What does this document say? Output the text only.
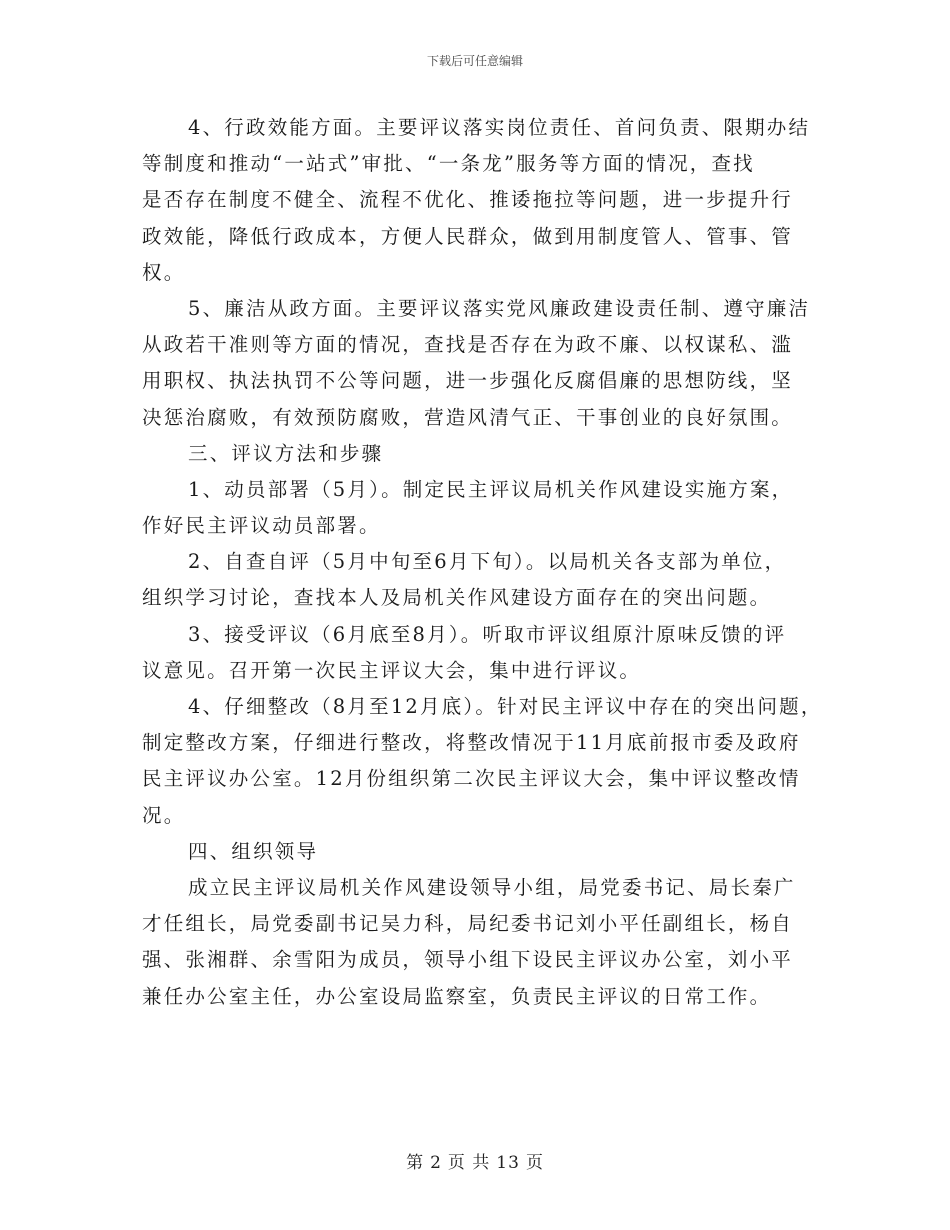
下载后可任意编辑
4、行政效能方面。主要评议落实岗位责任、首问负责、限期办结
等制度和推动“一站式”审批、“一条龙”服务等方面的情况，查找
是否存在制度不健全、流程不优化、推诿拖拉等问题，进一步提升行
政效能，降低行政成本，方便人民群众，做到用制度管人、管事、管
权。
5、廉洁从政方面。主要评议落实党风廉政建设责任制、遵守廉洁
从政若干准则等方面的情况，查找是否存在为政不廉、以权谋私、滥
用职权、执法执罚不公等问题，进一步强化反腐倡廉的思想防线，坚
决惩治腐败，有效预防腐败，营造风清气正、干事创业的良好氛围。
三、评议方法和步骤
1、动员部署（5月）。制定民主评议局机关作风建设实施方案，
作好民主评议动员部署。
2、自查自评（5月中旬至6月下旬）。以局机关各支部为单位，
组织学习讨论，查找本人及局机关作风建设方面存在的突出问题。
3、接受评议（6月底至8月）。听取市评议组原汁原味反馈的评
议意见。召开第一次民主评议大会，集中进行评议。
4、仔细整改（8月至12月底）。针对民主评议中存在的突出问题，
制定整改方案，仔细进行整改，将整改情况于11月底前报市委及政府
民主评议办公室。12月份组织第二次民主评议大会，集中评议整改情
况。
四、组织领导
成立民主评议局机关作风建设领导小组，局党委书记、局长秦广
才任组长，局党委副书记吴力科，局纪委书记刘小平任副组长，杨自
强、张湘群、余雪阳为成员，领导小组下设民主评议办公室，刘小平
兼任办公室主任，办公室设局监察室，负责民主评议的日常工作。
第 2 页 共 13 页
